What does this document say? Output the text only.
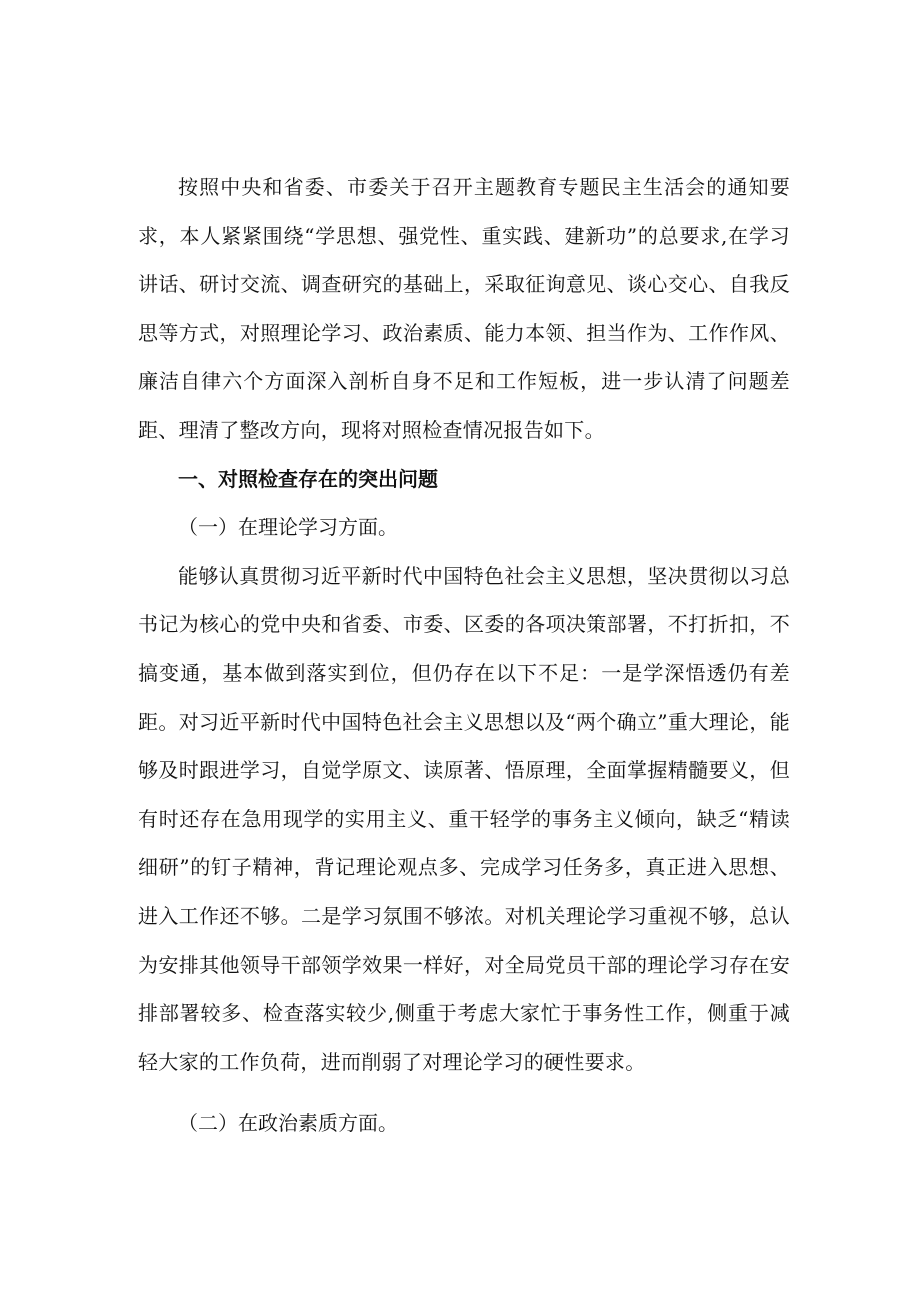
按照中央和省委、市委关于召开主题教育专题民主生活会的通知要求，本人紧紧围绕“学思想、强党性、重实践、建新功”的总要求,在学习讲话、研讨交流、调查研究的基础上，采取征询意见、谈心交心、自我反思等方式，对照理论学习、政治素质、能力本领、担当作为、工作作风、廉洁自律六个方面深入剖析自身不足和工作短板，进一步认清了问题差距、理清了整改方向，现将对照检查情况报告如下。

一、对照检查存在的突出问题

（一）在理论学习方面。

能够认真贯彻习近平新时代中国特色社会主义思想，坚决贯彻以习总书记为核心的党中央和省委、市委、区委的各项决策部署，不打折扣，不搞变通，基本做到落实到位，但仍存在以下不足：一是学深悟透仍有差距。对习近平新时代中国特色社会主义思想以及“两个确立”重大理论，能够及时跟进学习，自觉学原文、读原著、悟原理，全面掌握精髓要义，但有时还存在急用现学的实用主义、重干轻学的事务主义倾向，缺乏“精读细研”的钉子精神，背记理论观点多、完成学习任务多，真正进入思想、进入工作还不够。二是学习氛围不够浓。对机关理论学习重视不够，总认为安排其他领导干部领学效果一样好，对全局党员干部的理论学习存在安排部署较多、检查落实较少,侧重于考虑大家忙于事务性工作，侧重于减轻大家的工作负荷，进而削弱了对理论学习的硬性要求。

（二）在政治素质方面。
